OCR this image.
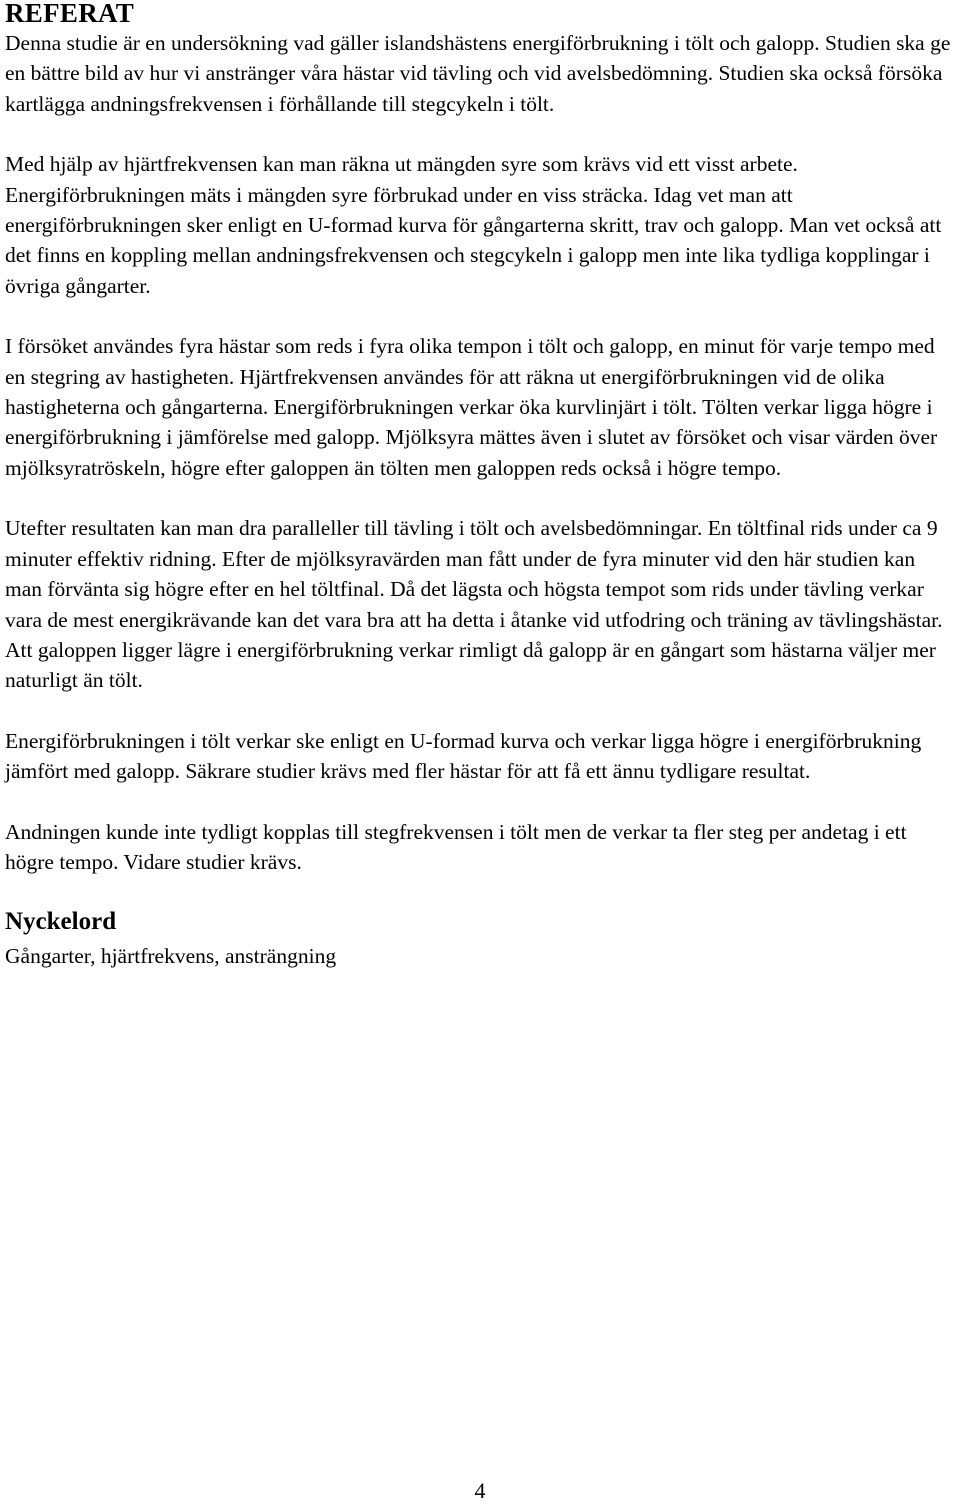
REFERAT

Denna studie är en undersökning vad gäller islandshästens energiförbrukning i tölt och galopp. Studien ska ge en bättre bild av hur vi anstränger våra hästar vid tävling och vid avelsbedömning. Studien ska också försöka kartlägga andningsfrekvensen i förhållande till stegcykeln i tölt.

Med hjälp av hjärtfrekvensen kan man räkna ut mängden syre som krävs vid ett visst arbete. Energiförbrukningen mäts i mängden syre förbrukad under en viss sträcka. Idag vet man att energiförbrukningen sker enligt en U-formad kurva för gångarterna skritt, trav och galopp. Man vet också att det finns en koppling mellan andningsfrekvensen och stegcykeln i galopp men inte lika tydliga kopplingar i övriga gångarter.

I försöket användes fyra hästar som reds i fyra olika tempon i tölt och galopp, en minut för varje tempo med en stegring av hastigheten. Hjärtfrekvensen användes för att räkna ut energiförbrukningen vid de olika hastigheterna och gångarterna. Energiförbrukningen verkar öka kurvlinjärt i tölt. Tölten verkar ligga högre i energiförbrukning i jämförelse med galopp. Mjölksyra mättes även i slutet av försöket och visar värden över mjölksyratröskeln, högre efter galoppen än tölten men galoppen reds också i högre tempo.

Utefter resultaten kan man dra paralleller till tävling i tölt och avelsbedömningar. En töltfinal rids under ca 9 minuter effektiv ridning. Efter de mjölksyravärden man fått under de fyra minuter vid den här studien kan man förvänta sig högre efter en hel töltfinal. Då det lägsta och högsta tempot som rids under tävling verkar vara de mest energikrävande kan det vara bra att ha detta i åtanke vid utfodring och träning av tävlingshästar. Att galoppen ligger lägre i energiförbrukning verkar rimligt då galopp är en gångart som hästarna väljer mer naturligt än tölt.

Energiförbrukningen i tölt verkar ske enligt en U-formad kurva och verkar ligga högre i energiförbrukning jämfört med galopp. Säkrare studier krävs med fler hästar för att få ett ännu tydligare resultat.

Andningen kunde inte tydligt kopplas till stegfrekvensen i tölt men de verkar ta fler steg per andetag i ett högre tempo. Vidare studier krävs.

Nyckelord

Gångarter, hjärtfrekvens, ansträngning

4
